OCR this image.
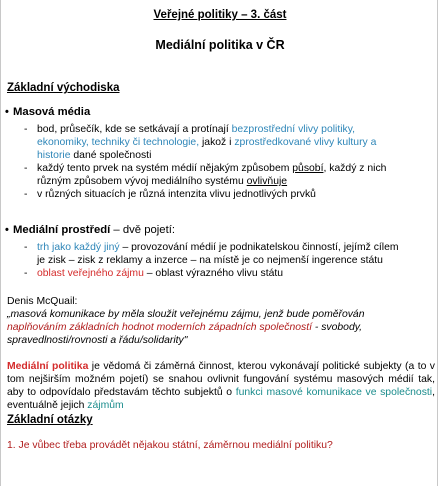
Veřejné politiky – 3. část
Mediální politika v ČR
Základní východiska
• Masová média
- bod, průsečík, kde se setkávají a protínají bezprostřední vlivy politiky,
ekonomiky, techniky či technologie, jakož i zprostředkované vlivy kultury a
historie dané společnosti
- každý tento prvek na systém médií nějakým způsobem působí, každý z nich
různým způsobem vývoj mediálního systému ovlivňuje
- v různých situacích je různá intenzita vlivu jednotlivých prvků
• Mediální prostředí – dvě pojetí:
- trh jako každý jiný – provozování médií je podnikatelskou činností, jejímž cílem
je zisk – zisk z reklamy a inzerce – na místě je co nejmenší ingerence státu
- oblast veřejného zájmu – oblast výrazného vlivu státu
Denis McQuail:
„masová komunikace by měla sloužit veřejnému zájmu, jenž bude poměřován
naplňováním základních hodnot moderních západních společností - svobody,
spravedlnosti/rovnosti a řádu/solidarity"
Mediální politika je vědomá či záměrná činnost, kterou vykonávají politické subjekty (a to v tom nejširším možném pojetí) se snahou ovlivnit fungování systému masových médií tak, aby to odpovídalo představám těchto subjektů o funkci masové komunikace ve společnosti, eventuálně jejich zájmům
Základní otázky
1. Je vůbec třeba provádět nějakou státní, záměrnou mediální politiku?
